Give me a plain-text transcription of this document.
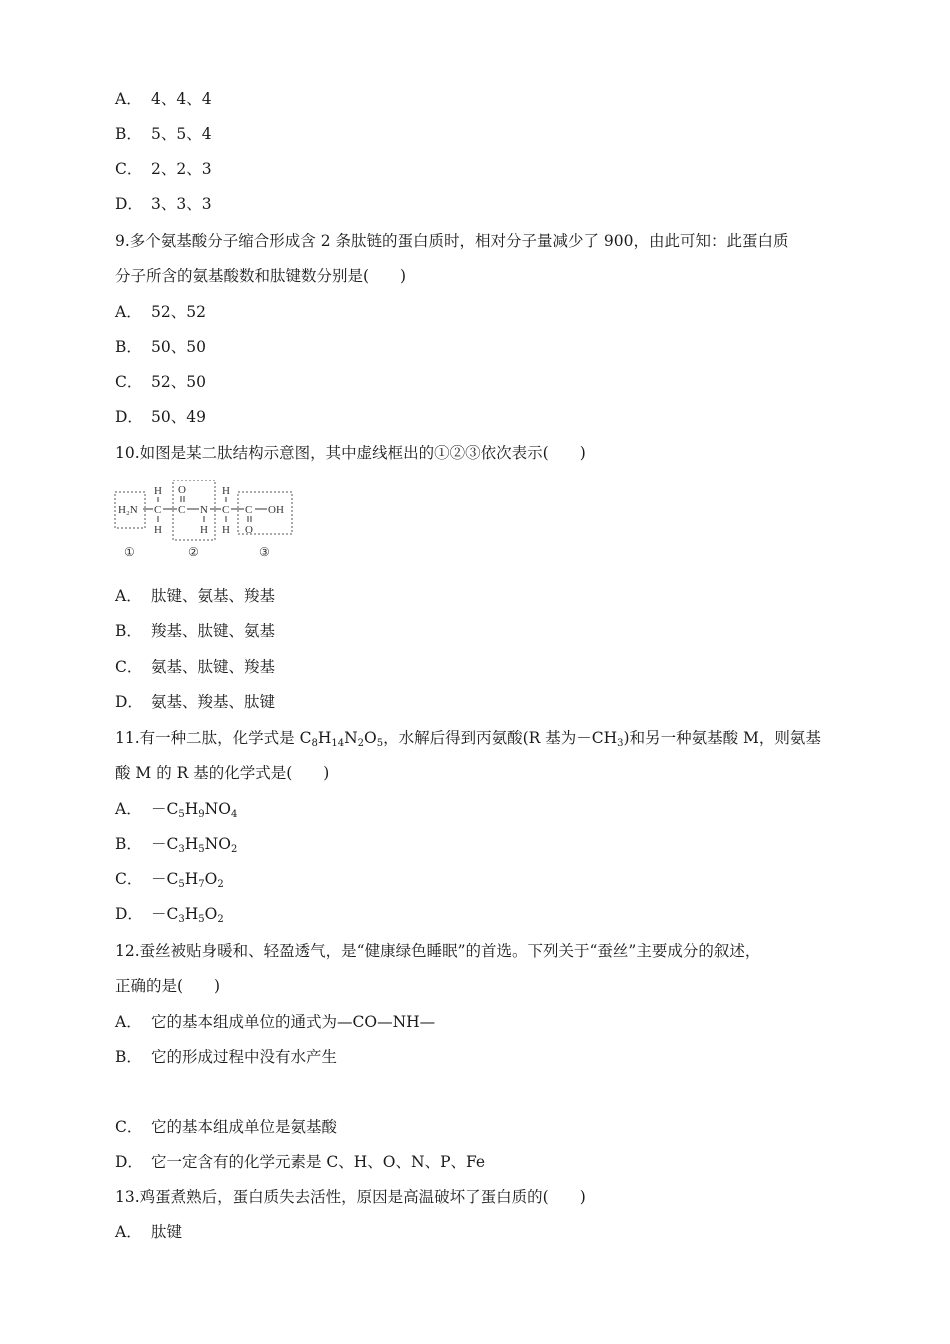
A． 4、4、4
B． 5、5、4
C． 2、2、3
D． 3、3、3
9.多个氨基酸分子缩合形成含 2 条肽链的蛋白质时，相对分子量减少了 900，由此可知：此蛋白质
分子所含的氨基酸数和肽键数分别是(　　)
A． 52、52
B． 50、50
C． 52、50
D． 50、49
10.如图是某二肽结构示意图，其中虚线框出的①②③依次表示(　　)
H₂N C
H
H
C
O
N
H
C
H
H
C
O
OH
①	②	③
A． 肽键、氨基、羧基
B． 羧基、肽键、氨基
C． 氨基、肽键、羧基
D． 氨基、羧基、肽键
11.有一种二肽，化学式是 C8H14N2O5，水解后得到丙氨酸(R 基为－CH3)和另一种氨基酸 M，则氨基
酸 M 的 R 基的化学式是(　　)
A． $-C_5H_9NO_4$
B． $-C_3H_5NO_2$
C． $-C_5H_7O_2$
D． $-C_3H_5O_2$
12.蚕丝被贴身暖和、轻盈透气，是“健康绿色睡眠”的首选。下列关于“蚕丝”主要成分的叙述，
正确的是(　　)
A． 它的基本组成单位的通式为—CO—NH—
B． 它的形成过程中没有水产生
C． 它的基本组成单位是氨基酸
D． 它一定含有的化学元素是 C、H、O、N、P、Fe
13.鸡蛋煮熟后，蛋白质失去活性，原因是高温破坏了蛋白质的(　　)
A． 肽键
